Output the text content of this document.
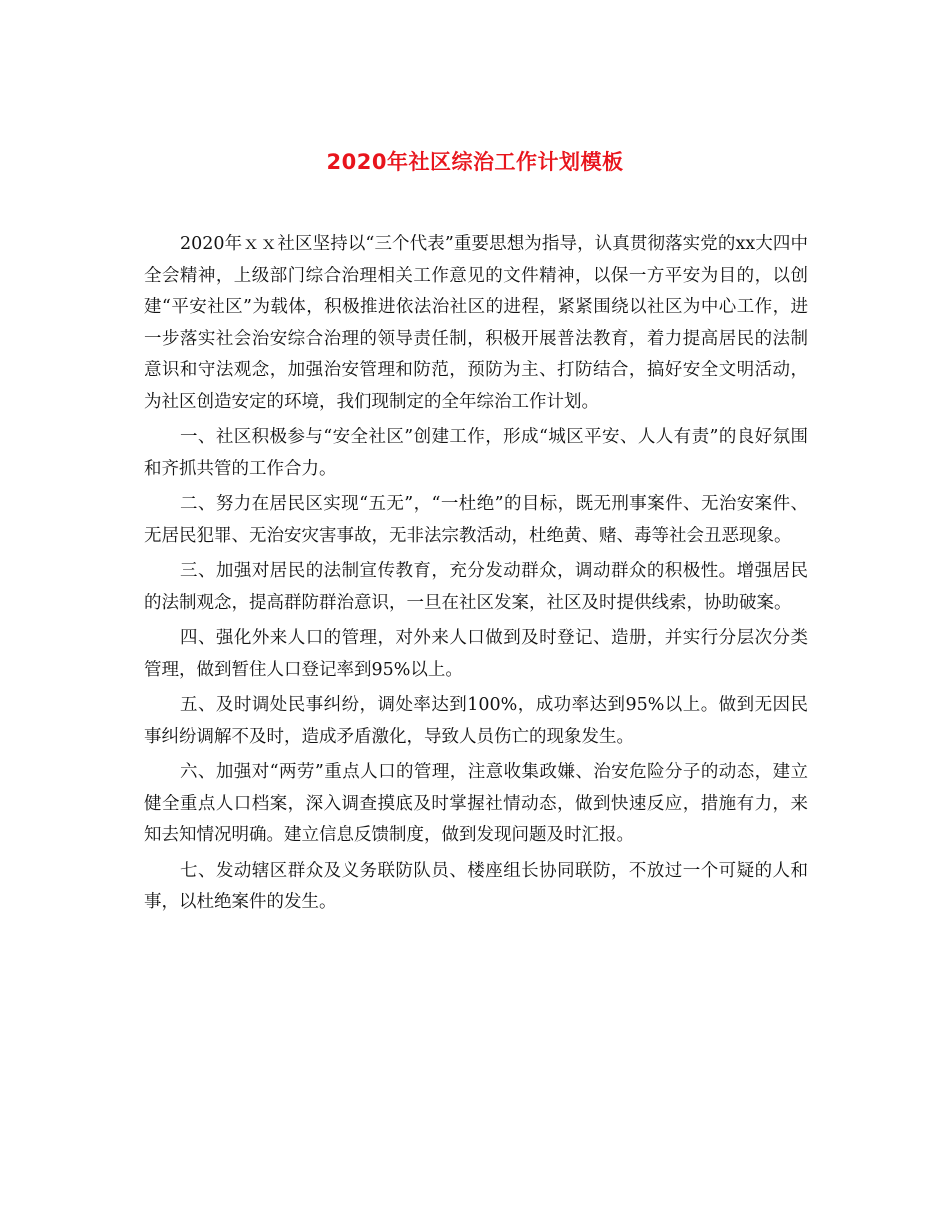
2020年社区综治工作计划模板

2020年ｘｘ社区坚持以“三个代表”重要思想为指导，认真贯彻落实党的xx大四中全会精神，上级部门综合治理相关工作意见的文件精神，以保一方平安为目的，以创建“平安社区”为载体，积极推进依法治社区的进程，紧紧围绕以社区为中心工作，进一步落实社会治安综合治理的领导责任制，积极开展普法教育，着力提高居民的法制意识和守法观念，加强治安管理和防范，预防为主、打防结合，搞好安全文明活动，为社区创造安定的环境，我们现制定的全年综治工作计划。

一、社区积极参与“安全社区”创建工作，形成“城区平安、人人有责”的良好氛围和齐抓共管的工作合力。

二、努力在居民区实现“五无”，“一杜绝”的目标，既无刑事案件、无治安案件、无居民犯罪、无治安灾害事故，无非法宗教活动，杜绝黄、赌、毒等社会丑恶现象。

三、加强对居民的法制宣传教育，充分发动群众，调动群众的积极性。增强居民的法制观念，提高群防群治意识，一旦在社区发案，社区及时提供线索，协助破案。

四、强化外来人口的管理，对外来人口做到及时登记、造册，并实行分层次分类管理，做到暂住人口登记率到95%以上。

五、及时调处民事纠纷，调处率达到100%，成功率达到95%以上。做到无因民事纠纷调解不及时，造成矛盾激化，导致人员伤亡的现象发生。

六、加强对“两劳”重点人口的管理，注意收集政嫌、治安危险分子的动态，建立健全重点人口档案，深入调查摸底及时掌握社情动态，做到快速反应，措施有力，来知去知情况明确。建立信息反馈制度，做到发现问题及时汇报。

七、发动辖区群众及义务联防队员、楼座组长协同联防，不放过一个可疑的人和事，以杜绝案件的发生。
